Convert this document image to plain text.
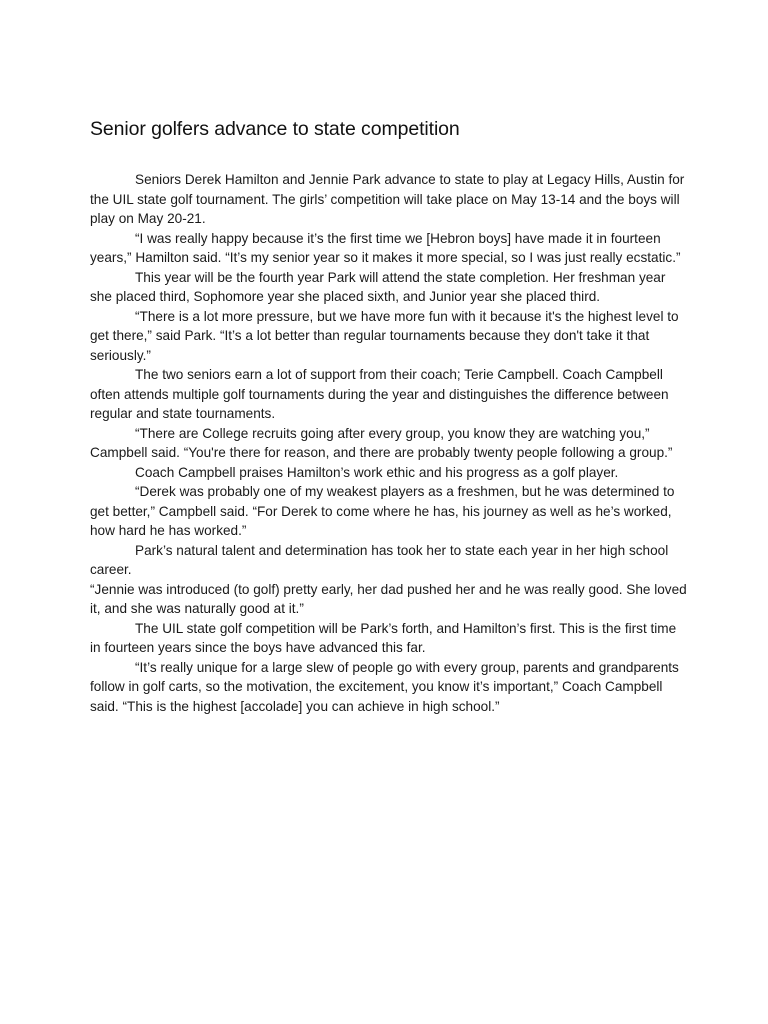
Senior golfers advance to state competition

Seniors Derek Hamilton and Jennie Park advance to state to play at Legacy Hills, Austin for the UIL state golf tournament. The girls’ competition will take place on May 13-14 and the boys will play on May 20-21.

“I was really happy because it’s the first time we [Hebron boys] have made it in fourteen years,” Hamilton said. “It’s my senior year so it makes it more special, so I was just really ecstatic.”

This year will be the fourth year Park will attend the state completion. Her freshman year she placed third, Sophomore year she placed sixth, and Junior year she placed third.

“There is a lot more pressure, but we have more fun with it because it's the highest level to get there,” said Park. “It’s a lot better than regular tournaments because they don't take it that seriously.”

The two seniors earn a lot of support from their coach; Terie Campbell. Coach Campbell often attends multiple golf tournaments during the year and distinguishes the difference between regular and state tournaments.

“There are College recruits going after every group, you know they are watching you,” Campbell said. “You're there for reason, and there are probably twenty people following a group.”

Coach Campbell praises Hamilton’s work ethic and his progress as a golf player.

“Derek was probably one of my weakest players as a freshmen, but he was determined to get better,” Campbell said. “For Derek to come where he has, his journey as well as he’s worked, how hard he has worked.”

Park’s natural talent and determination has took her to state each year in her high school career.

“Jennie was introduced (to golf) pretty early, her dad pushed her and he was really good. She loved it, and she was naturally good at it.”

The UIL state golf competition will be Park’s forth, and Hamilton’s first. This is the first time in fourteen years since the boys have advanced this far.

“It’s really unique for a large slew of people go with every group, parents and grandparents follow in golf carts, so the motivation, the excitement, you know it’s important,” Coach Campbell said. “This is the highest [accolade] you can achieve in high school.”
